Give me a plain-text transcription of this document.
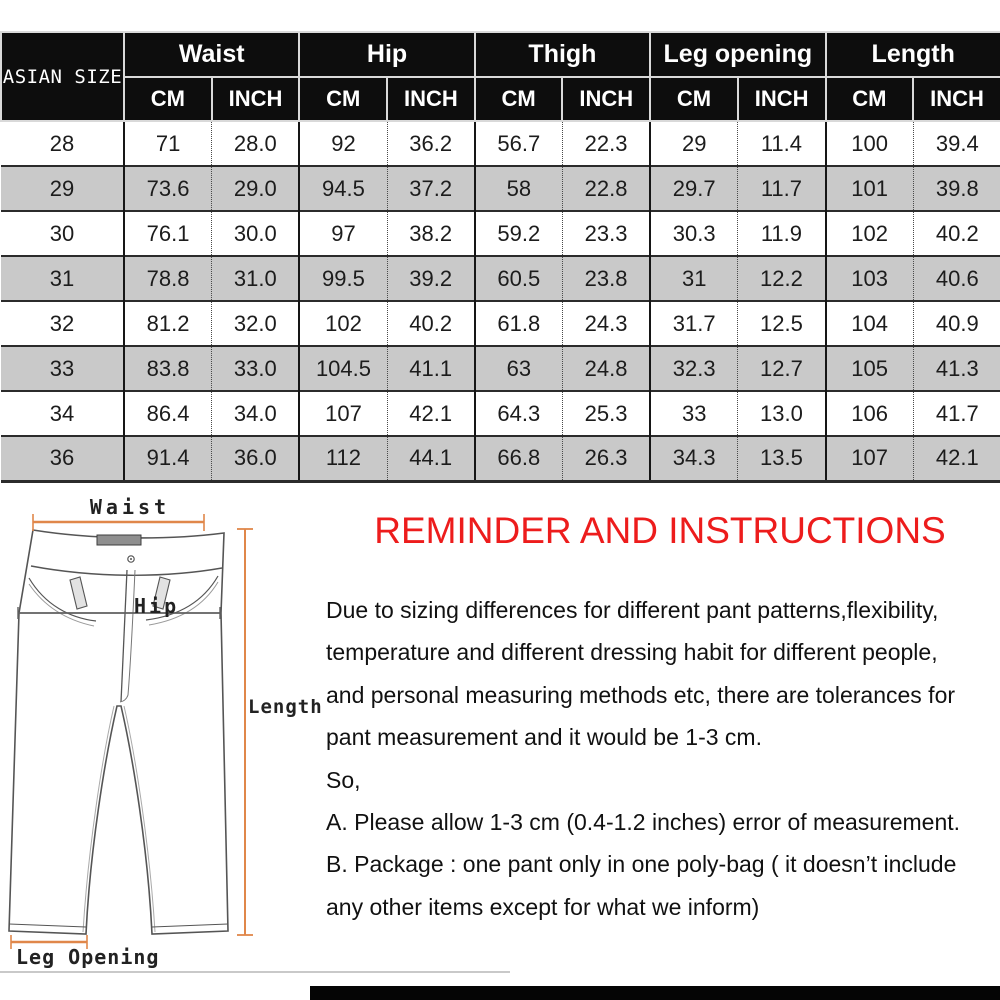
ASIAN SIZE	Waist		Hip		Thigh		Leg opening		Length	
	CM	INCH	CM	INCH	CM	INCH	CM	INCH	CM	INCH
28	71	28.0	92	36.2	56.7	22.3	29	11.4	100	39.4
29	73.6	29.0	94.5	37.2	58	22.8	29.7	11.7	101	39.8
30	76.1	30.0	97	38.2	59.2	23.3	30.3	11.9	102	40.2
31	78.8	31.0	99.5	39.2	60.5	23.8	31	12.2	103	40.6
32	81.2	32.0	102	40.2	61.8	24.3	31.7	12.5	104	40.9
33	83.8	33.0	104.5	41.1	63	24.8	32.3	12.7	105	41.3
34	86.4	34.0	107	42.1	64.3	25.3	33	13.0	106	41.7
36	91.4	36.0	112	44.1	66.8	26.3	34.3	13.5	107	42.1
Waist
Hip
Length
Leg Opening
REMINDER AND INSTRUCTIONS
Due to sizing differences for different pant patterns,flexibility,
temperature and different dressing habit for different people,
and personal measuring methods etc, there are tolerances for
pant measurement and it would be 1-3 cm.
So,
A. Please allow 1-3 cm (0.4-1.2 inches) error of measurement.
B. Package : one pant only in one poly-bag ( it doesn’t include
any other items except for what we inform)
